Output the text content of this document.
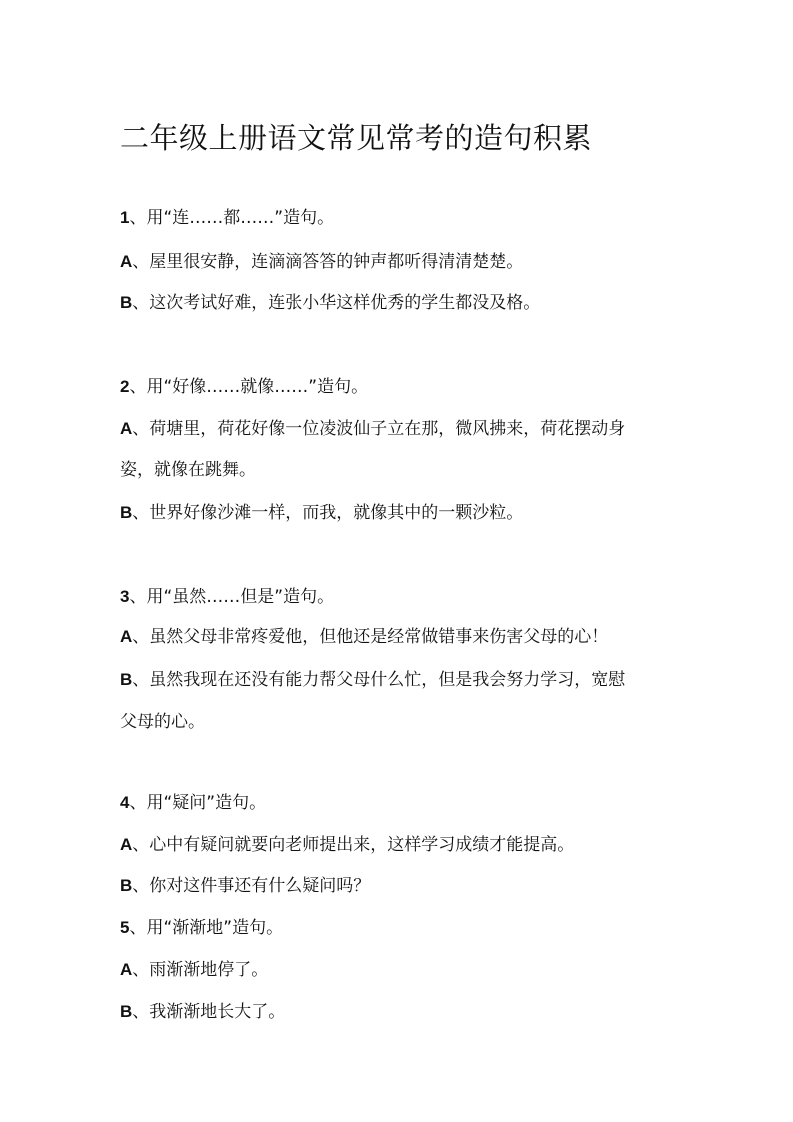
二年级上册语文常见常考的造句积累
1、用“连……都……”造句。
A、屋里很安静，连滴滴答答的钟声都听得清清楚楚。
B、这次考试好难，连张小华这样优秀的学生都没及格。
2、用“好像……就像……”造句。
A、荷塘里，荷花好像一位凌波仙子立在那，微风拂来，荷花摆动身
姿，就像在跳舞。
B、世界好像沙滩一样，而我，就像其中的一颗沙粒。
3、用“虽然……但是”造句。
A、虽然父母非常疼爱他，但他还是经常做错事来伤害父母的心！
B、虽然我现在还没有能力帮父母什么忙，但是我会努力学习，宽慰
父母的心。
4、用“疑问”造句。
A、心中有疑问就要向老师提出来，这样学习成绩才能提高。
B、你对这件事还有什么疑问吗？
5、用“渐渐地”造句。
A、雨渐渐地停了。
B、我渐渐地长大了。
